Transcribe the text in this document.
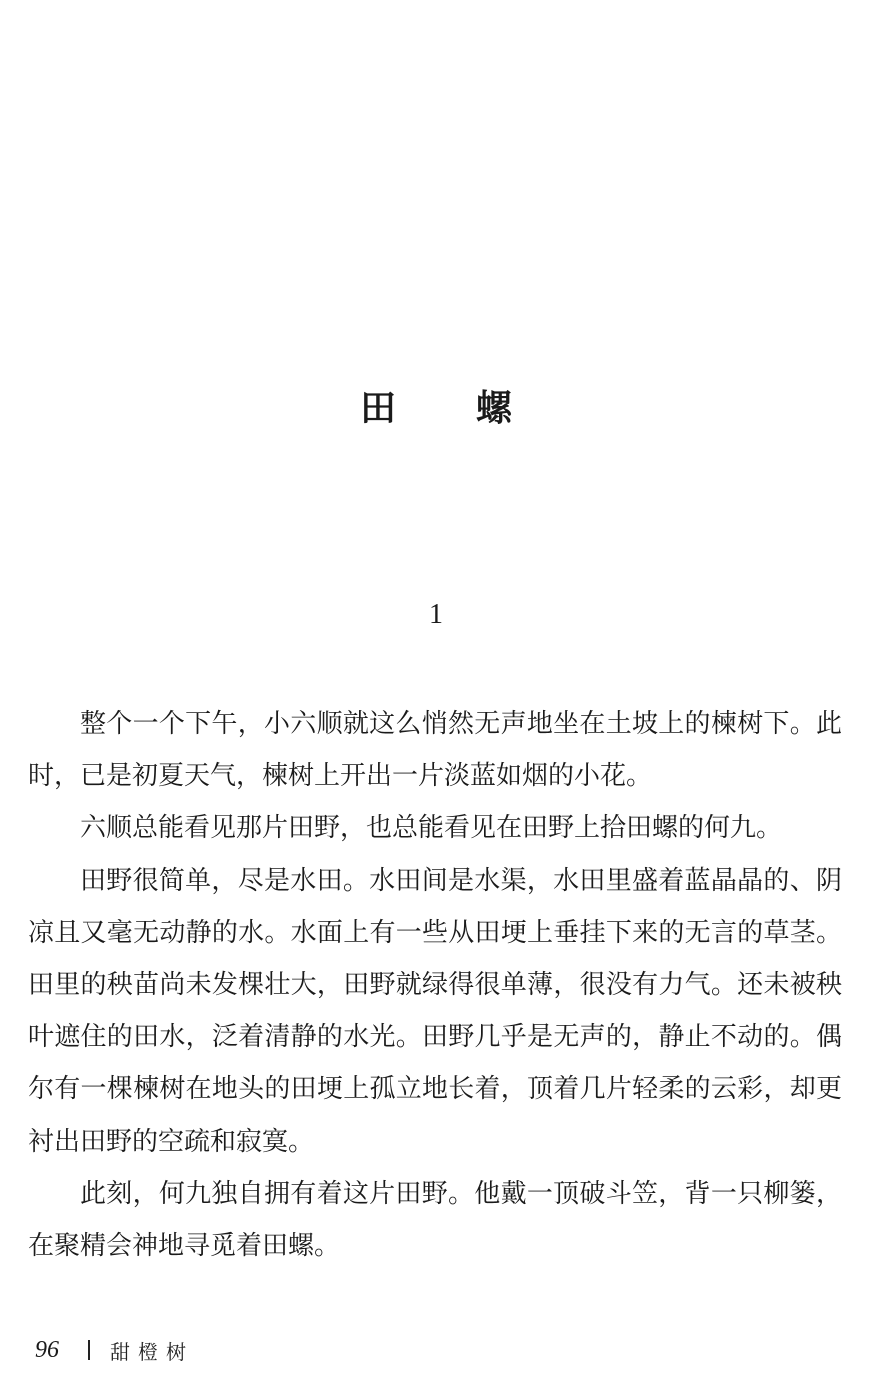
田 螺
1

整个一个下午，小六顺就这么悄然无声地坐在土坡上的楝树下。此时，已是初夏天气，楝树上开出一片淡蓝如烟的小花。

六顺总能看见那片田野，也总能看见在田野上拾田螺的何九。

田野很简单，尽是水田。水田间是水渠，水田里盛着蓝晶晶的、阴凉且又毫无动静的水。水面上有一些从田埂上垂挂下来的无言的草茎。田里的秧苗尚未发棵壮大，田野就绿得很单薄，很没有力气。还未被秧叶遮住的田水，泛着清静的水光。田野几乎是无声的，静止不动的。偶尔有一棵楝树在地头的田埂上孤立地长着，顶着几片轻柔的云彩，却更衬出田野的空疏和寂寞。

此刻，何九独自拥有着这片田野。他戴一顶破斗笠，背一只柳篓，在聚精会神地寻觅着田螺。

96	甜橙树
